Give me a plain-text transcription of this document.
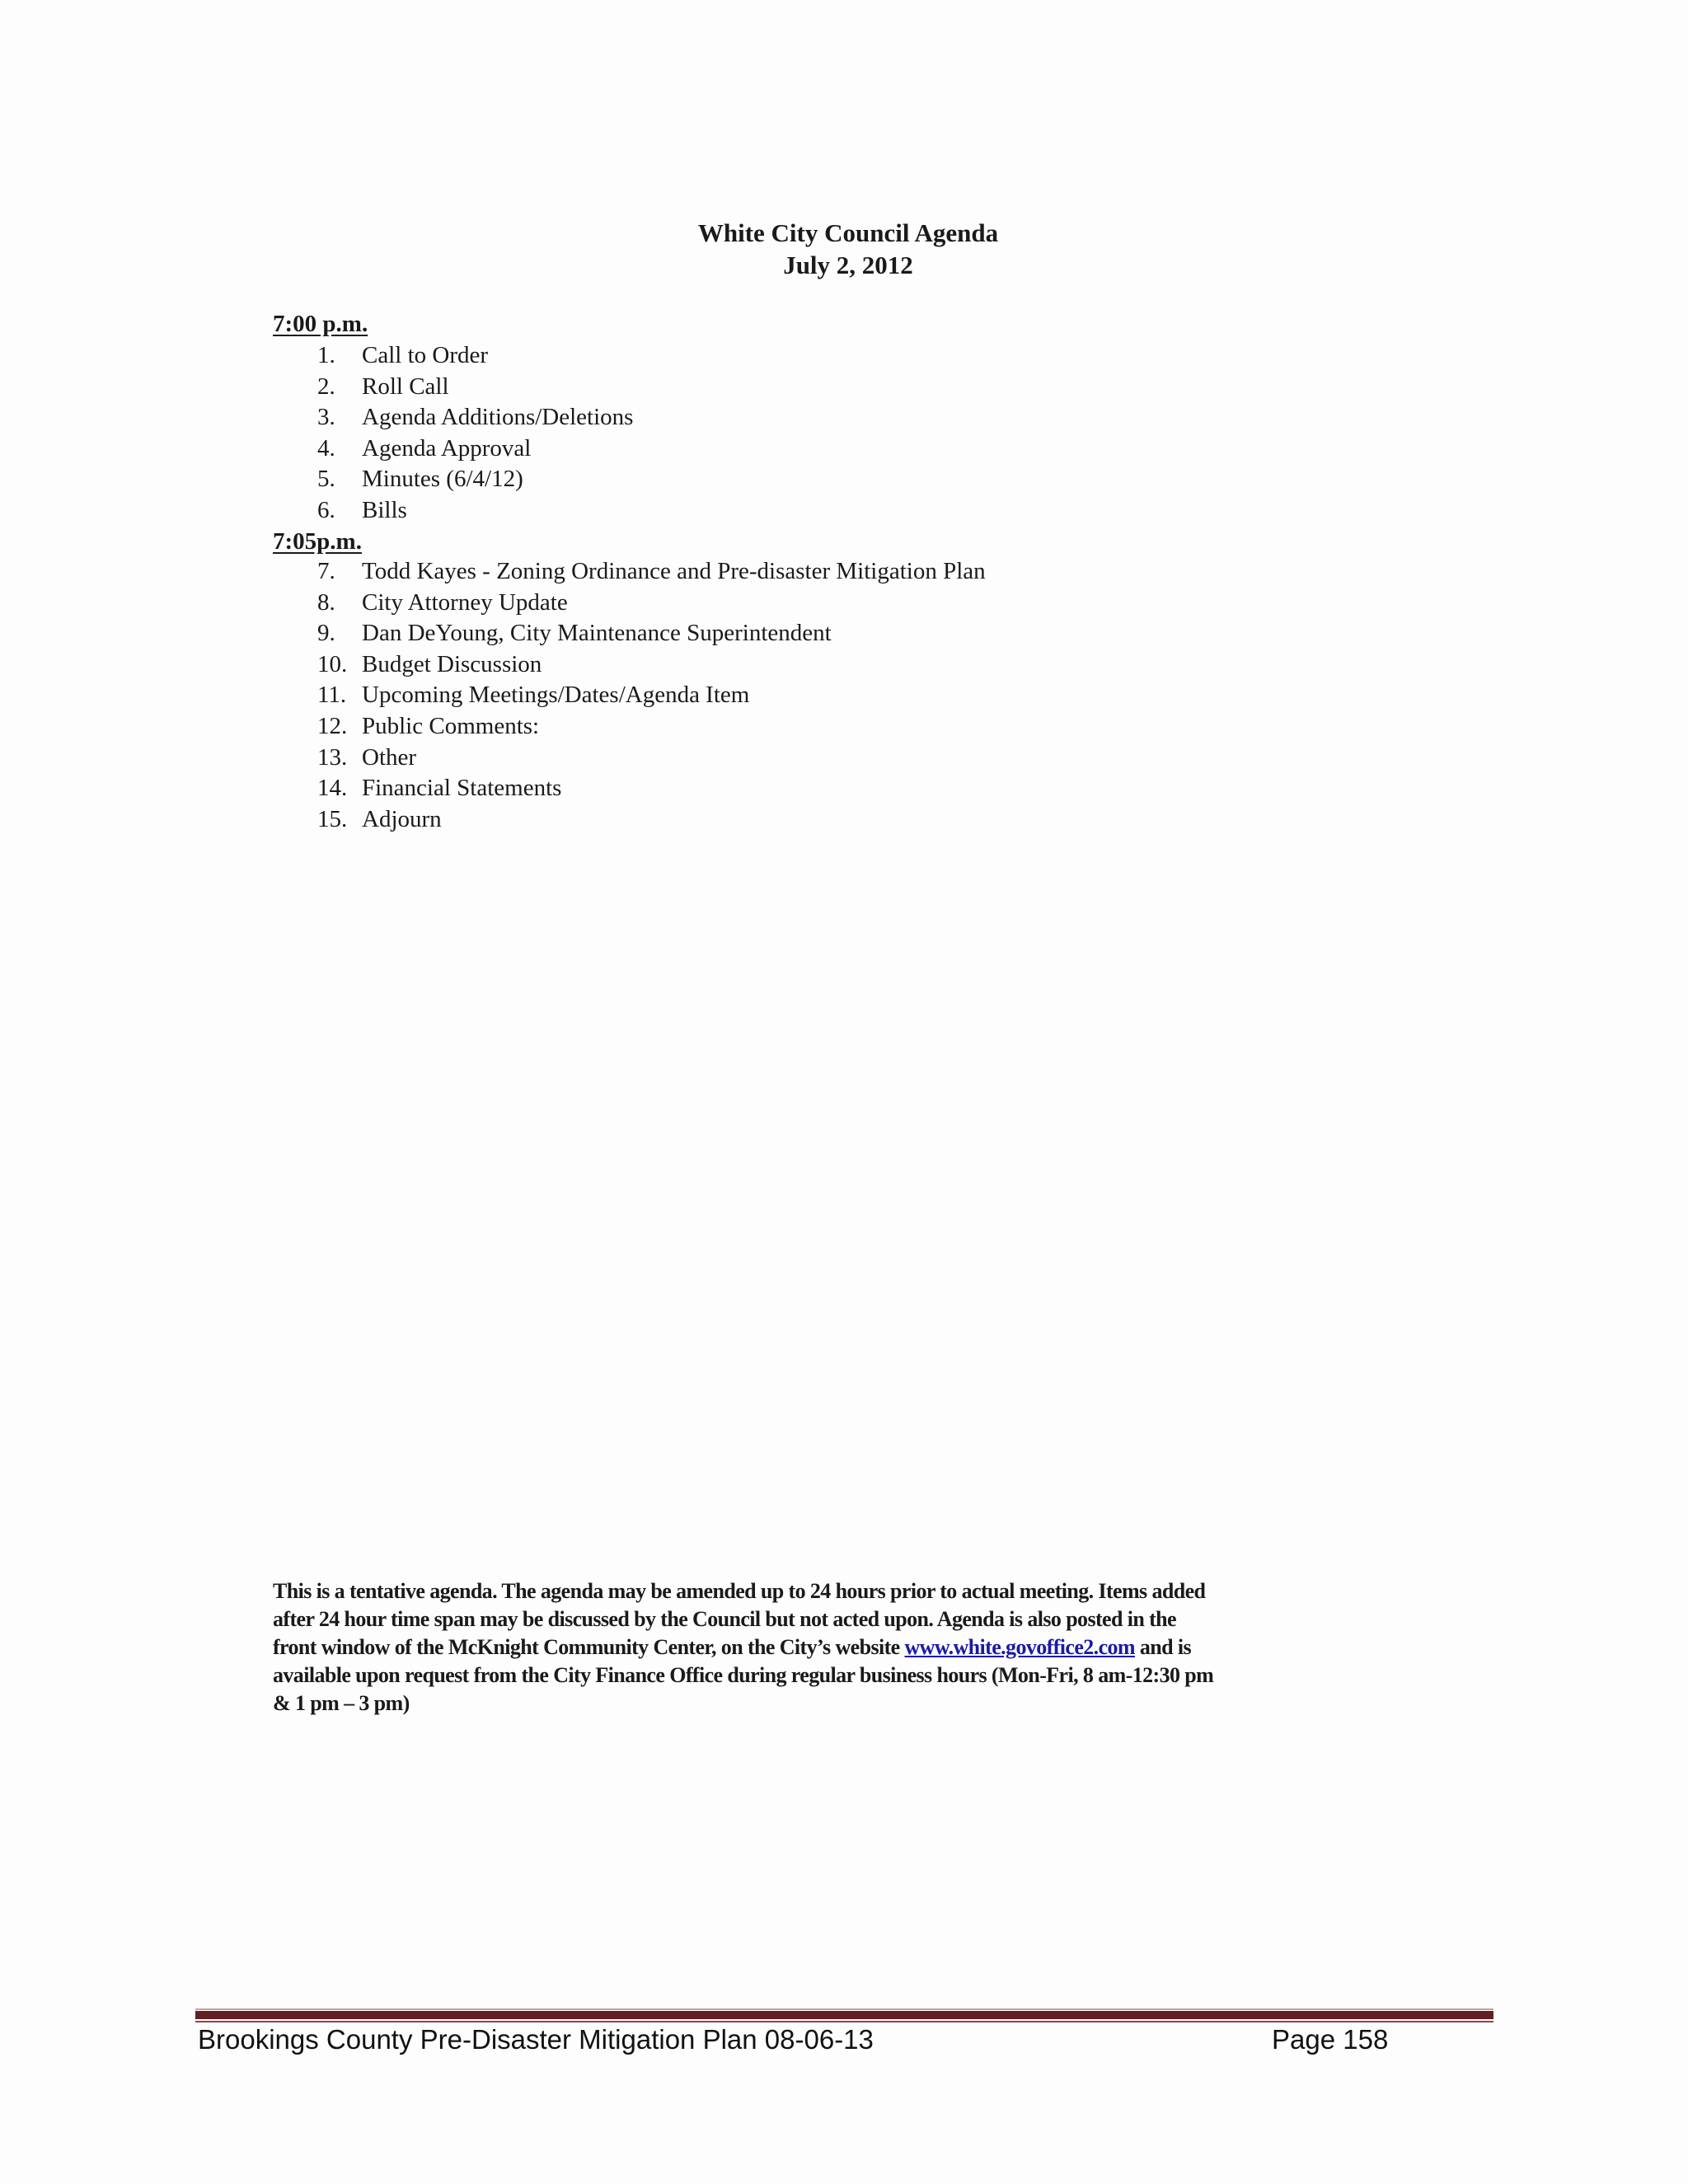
White City Council Agenda
July 2, 2012
7:00 p.m.
1. Call to Order
2. Roll Call
3. Agenda Additions/Deletions
4. Agenda Approval
5. Minutes (6/4/12)
6. Bills
7:05p.m.
7. Todd Kayes - Zoning Ordinance and Pre-disaster Mitigation Plan
8. City Attorney Update
9. Dan DeYoung, City Maintenance Superintendent
10. Budget Discussion
11. Upcoming Meetings/Dates/Agenda Item
12. Public Comments:
13. Other
14. Financial Statements
15. Adjourn
This is a tentative agenda. The agenda may be amended up to 24 hours prior to actual meeting. Items added
after 24 hour time span may be discussed by the Council but not acted upon. Agenda is also posted in the
front window of the McKnight Community Center, on the City’s website www.white.govoffice2.com and is
available upon request from the City Finance Office during regular business hours (Mon-Fri, 8 am-12:30 pm
& 1 pm – 3 pm)
Brookings County Pre-Disaster Mitigation Plan 08-06-13	Page 158
